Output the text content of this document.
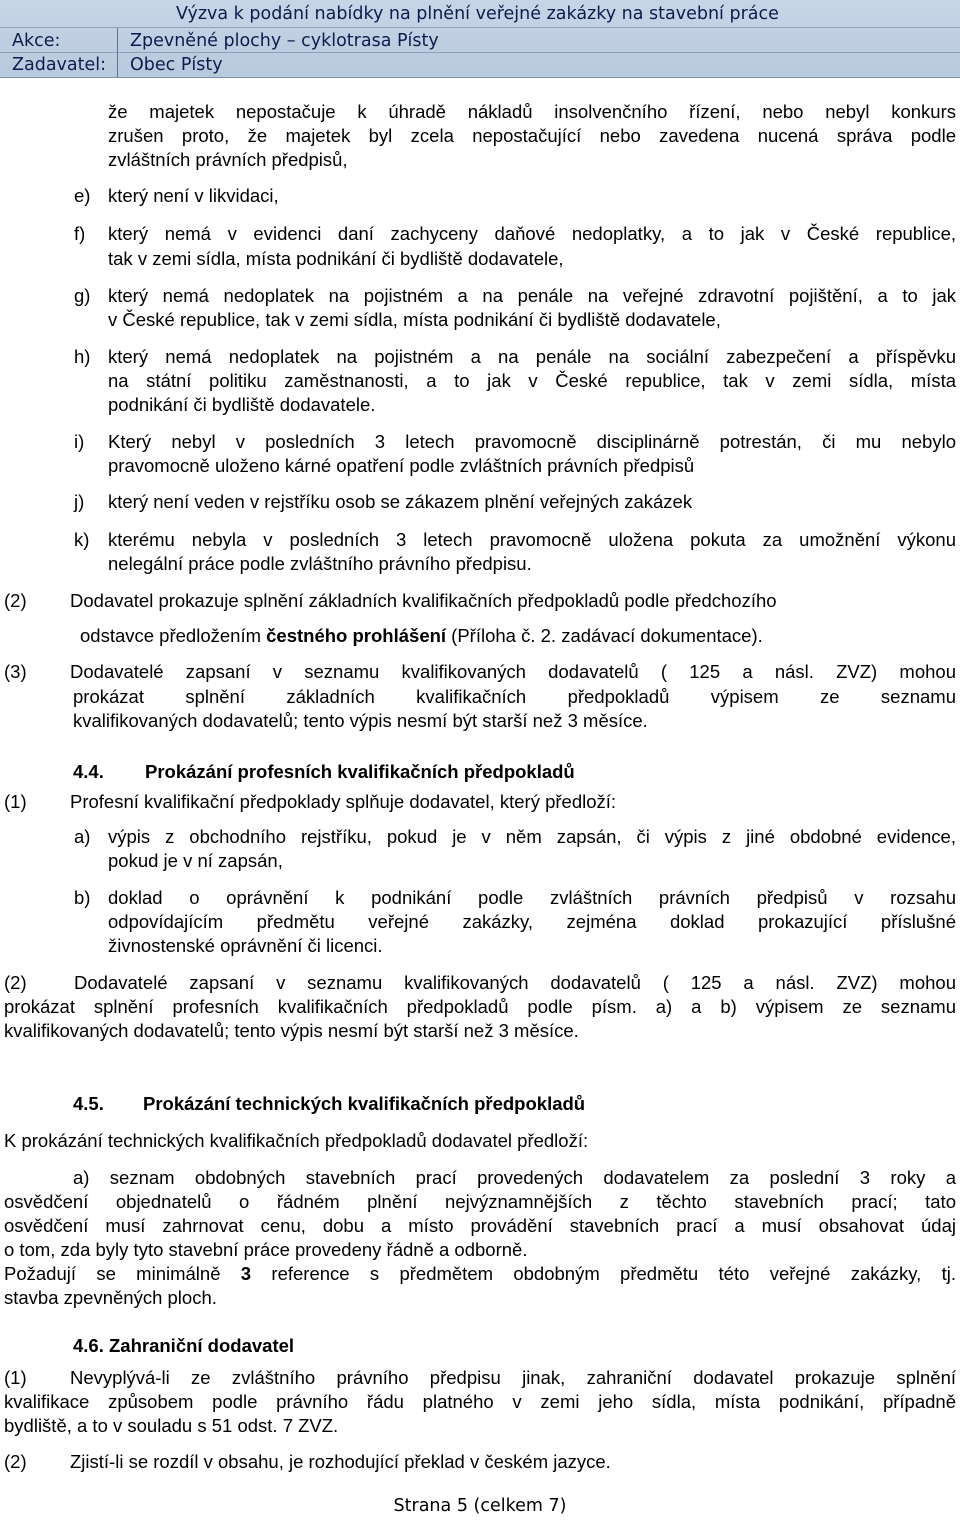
Výzva k podání nabídky na plnění veřejné zakázky na stavební práce
Akce:	Zpevněné plochy – cyklotrasa Písty
Zadavatel: Obec Písty
že majetek nepostačuje k úhradě nákladů insolvenčního řízení, nebo nebyl konkurs
zrušen proto, že majetek byl zcela nepostačující nebo zavedena nucená správa podle
zvláštních právních předpisů,
e) který není v likvidaci,
f) který nemá v evidenci daní zachyceny daňové nedoplatky, a to jak v České republice,
tak v zemi sídla, místa podnikání či bydliště dodavatele,
g) který nemá nedoplatek na pojistném a na penále na veřejné zdravotní pojištění, a to jak
v České republice, tak v zemi sídla, místa podnikání či bydliště dodavatele,
h) který nemá nedoplatek na pojistném a na penále na sociální zabezpečení a příspěvku
na státní politiku zaměstnanosti, a to jak v České republice, tak v zemi sídla, místa
podnikání či bydliště dodavatele.
i) Který nebyl v posledních 3 letech pravomocně disciplinárně potrestán, či mu nebylo
pravomocně uloženo kárné opatření podle zvláštních právních předpisů
j) který není veden v rejstříku osob se zákazem plnění veřejných zakázek
k) kterému nebyla v posledních 3 letech pravomocně uložena pokuta za umožnění výkonu
nelegální práce podle zvláštního právního předpisu.
(2) Dodavatel prokazuje splnění základních kvalifikačních předpokladů podle předchozího
odstavce předložením čestného prohlášení (Příloha č. 2. zadávací dokumentace).
(3) Dodavatelé zapsaní v seznamu kvalifikovaných dodavatelů ( 125 a násl. ZVZ) mohou
prokázat splnění základních kvalifikačních předpokladů výpisem ze seznamu
kvalifikovaných dodavatelů; tento výpis nesmí být starší než 3 měsíce.
4.4. Prokázání profesních kvalifikačních předpokladů
(1) Profesní kvalifikační předpoklady splňuje dodavatel, který předloží:
a) výpis z obchodního rejstříku, pokud je v něm zapsán, či výpis z jiné obdobné evidence,
pokud je v ní zapsán,
b) doklad o oprávnění k podnikání podle zvláštních právních předpisů v rozsahu
odpovídajícím předmětu veřejné zakázky, zejména doklad prokazující příslušné
živnostenské oprávnění či licenci.
(2)	Dodavatelé zapsaní v seznamu kvalifikovaných dodavatelů ( 125 a násl. ZVZ) mohou
prokázat splnění profesních kvalifikačních předpokladů podle písm. a) a b) výpisem ze seznamu
kvalifikovaných dodavatelů; tento výpis nesmí být starší než 3 měsíce.
4.5. Prokázání technických kvalifikačních předpokladů
K prokázání technických kvalifikačních předpokladů dodavatel předloží:
a) seznam obdobných stavebních prací provedených dodavatelem za poslední 3 roky a
osvědčení objednatelů o řádném plnění nejvýznamnějších z těchto stavebních prací; tato
osvědčení musí zahrnovat cenu, dobu a místo provádění stavebních prací a musí obsahovat údaj
o tom, zda byly tyto stavební práce provedeny řádně a odborně.
Požadují se minimálně 3 reference s předmětem obdobným předmětu této veřejné zakázky, tj.
stavba zpevněných ploch.
4.6. Zahraniční dodavatel
(1) Nevyplývá-li ze zvláštního právního předpisu jinak, zahraniční dodavatel prokazuje splnění
kvalifikace způsobem podle právního řádu platného v zemi jeho sídla, místa podnikání, případně
bydliště, a to v souladu s 51 odst. 7 ZVZ.
(2) Zjistí-li se rozdíl v obsahu, je rozhodující překlad v českém jazyce.
Strana 5 (celkem 7)
